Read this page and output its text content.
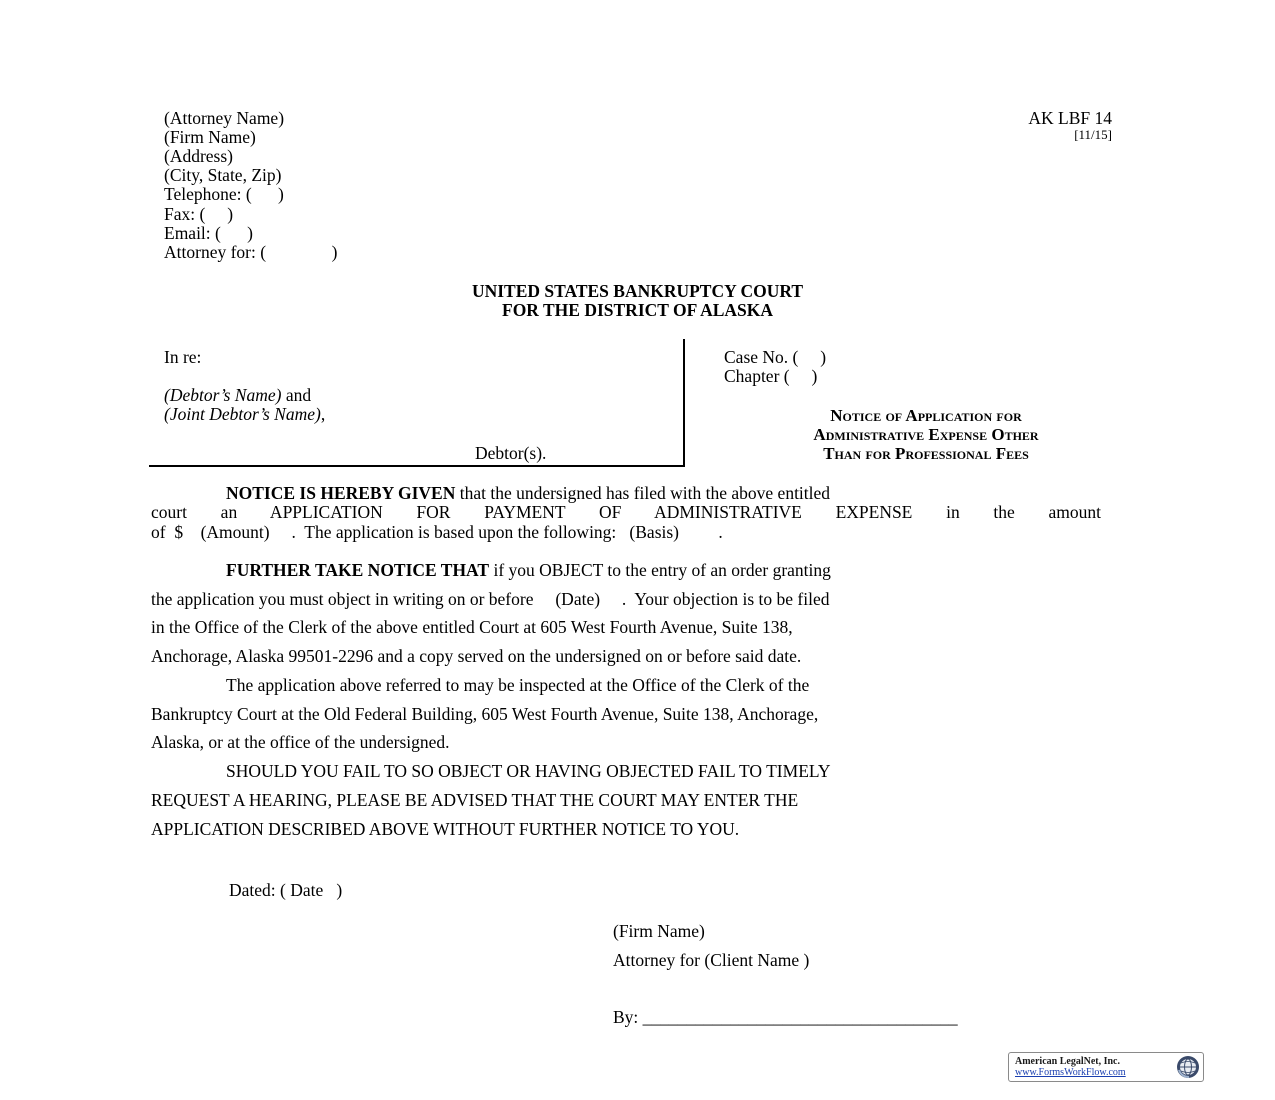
(Attorney Name)
(Firm Name)
(Address)
(City, State, Zip)
Telephone: (      )
Fax: (     )
Email: (      )
Attorney for: (               )
AK LBF 14
[11/15]
UNITED STATES BANKRUPTCY COURT
FOR THE DISTRICT OF ALASKA
In re:
(Debtor’s Name) and
(Joint Debtor’s Name),
Debtor(s).
Case No. (     )
Chapter (     )
Notice of Application for
Administrative Expense Other
Than for Professional Fees
NOTICE IS HEREBY GIVEN that the undersigned has filed with the above entitled
court an APPLICATION FOR PAYMENT OF ADMINISTRATIVE EXPENSE in the amount
of  $    (Amount)     .  The application is based upon the following:   (Basis)         .
FURTHER TAKE NOTICE THAT if you OBJECT to the entry of an order granting
the application you must object in writing on or before     (Date)     .  Your objection is to be filed
in the Office of the Clerk of the above entitled Court at 605 West Fourth Avenue, Suite 138,
Anchorage, Alaska 99501-2296 and a copy served on the undersigned on or before said date.
The application above referred to may be inspected at the Office of the Clerk of the
Bankruptcy Court at the Old Federal Building, 605 West Fourth Avenue, Suite 138, Anchorage,
Alaska, or at the office of the undersigned.
SHOULD YOU FAIL TO SO OBJECT OR HAVING OBJECTED FAIL TO TIMELY
REQUEST A HEARING, PLEASE BE ADVISED THAT THE COURT MAY ENTER THE
APPLICATION DESCRIBED ABOVE WITHOUT FURTHER NOTICE TO YOU.
Dated: ( Date   )
(Firm Name)
Attorney for (Client Name )
By: ____________________________________
American LegalNet, Inc.
www.FormsWorkFlow.com
